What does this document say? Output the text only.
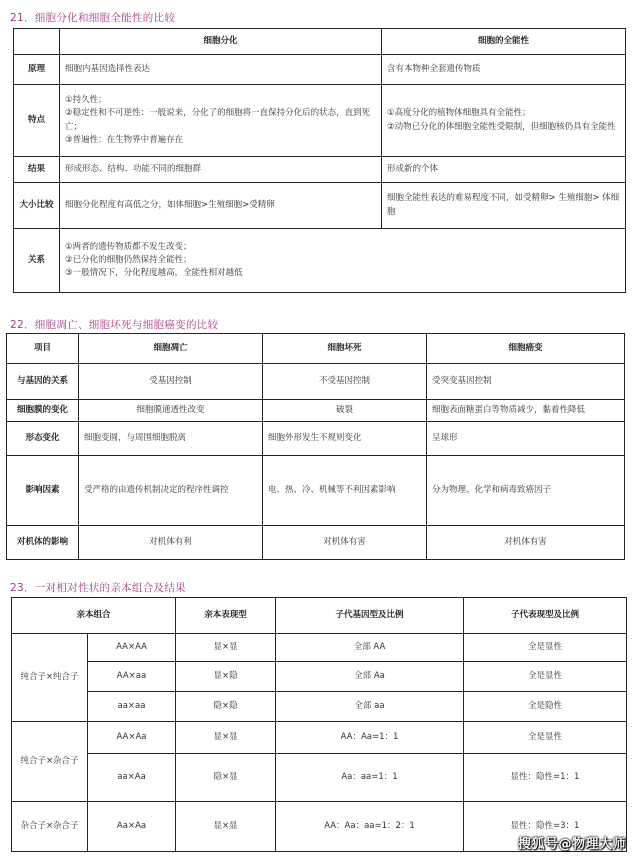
21．细胞分化和细胞全能性的比较
	细胞分化	细胞的全能性
原理	细胞内基因选择性表达	含有本物种全套遗传物质

特点	①持久性；
②稳定性和不可逆性：一般说来，分化了的细胞将一直保持分化后的状态，直到死亡；
③普遍性：在生物界中普遍存在	①高度分化的植物体细胞具有全能性；
②动物已分化的体细胞全能性受限制，但细胞核仍具有全能性

结果	形成形态、结构、功能不同的细胞群	形成新的个体

大小比较	细胞分化程度有高低之分，如体细胞>生殖细胞>受精卵	细胞全能性表达的难易程度不同，如受精卵> 生殖细胞> 体细胞

关系	①两者的遗传物质都不发生改变；
②已分化的细胞仍然保持全能性；
③一般情况下，分化程度越高，全能性相对越低	
22．细胞凋亡、细胞坏死与细胞癌变的比较
项目	细胞凋亡	细胞坏死	细胞癌变
与基因的关系	受基因控制	不受基因控制	受突变基因控制
细胞膜的变化	细胞膜通透性改变	破裂	细胞表面糖蛋白等物质减少，黏着性降低
形态变化	细胞变圆，与周围细胞脱离	细胞外形发生不规则变化	呈球形
影响因素	受严格的由遗传机制决定的程序性调控	电、热、冷、机械等不利因素影响	分为物理、化学和病毒致癌因子
对机体的影响	对机体有利	对机体有害	对机体有害
23．一对相对性状的亲本组合及结果
亲本组合		亲本表现型	子代基因型及比例	子代表现型及比例
纯合子×纯合子	AA×AA	显×显	全部 AA	全是显性
	AA×aa	显×隐	全部 Aa	全是显性
	aa×aa	隐×隐	全部 aa	全是隐性
纯合子×杂合子	AA×Aa	显×显	AA：Aa=1：1	全是显性
	aa×Aa	隐×显	Aa：aa=1：1	显性：隐性=1：1
杂合子×杂合子	Aa×Aa	显×显	AA：Aa：aa=1：2：1	显性：隐性=3：1
搜狐号@物理大师
